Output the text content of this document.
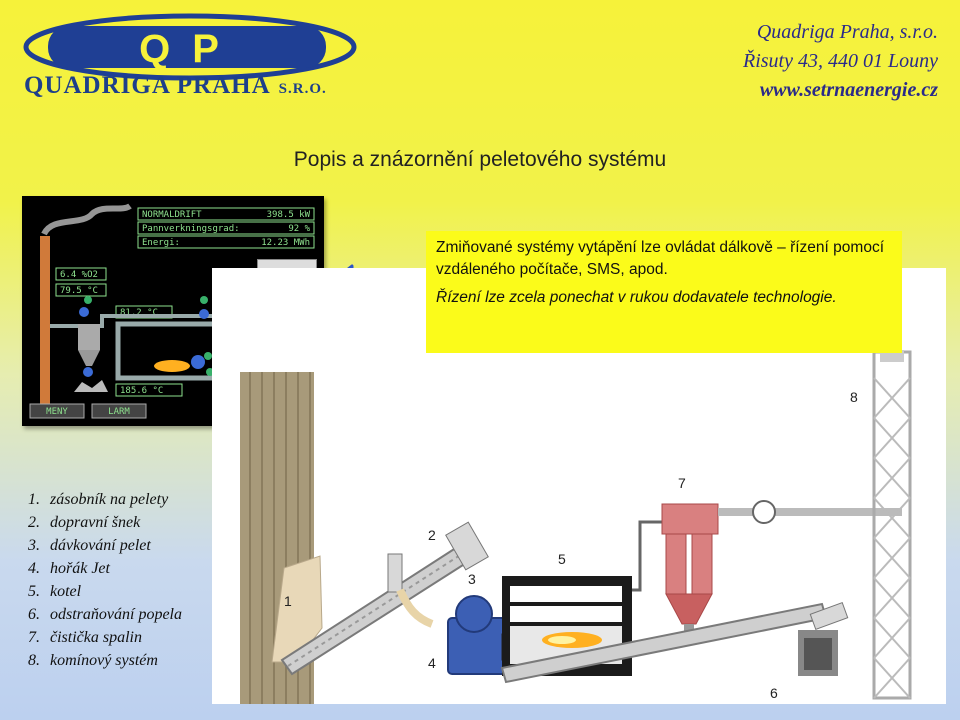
QP
QUADRIGA PRAHA S.R.O.
Quadriga Praha, s.r.o.
Řisuty 43, 440 01 Louny
www.setrnaenergie.cz
Popis a znázornění peletového systému
NORMALDRIFT	398.5 kW
Pannverkningsgrad:	92 %
Energi:	12.23 MWh
6.4 %O2
79.5 °C
81.2 °C
185.6 °C
MENY	LARM
1
2
3
4
5
6
7
8

Zmiňované systémy vytápění lze ovládat dálkově – řízení pomocí vzdáleného počítače, SMS, apod.

Řízení lze zcela ponechat v rukou dodavatele technologie.

1. zásobník na pelety
2. dopravní šnek
3. dávkování pelet
4. hořák Jet
5. kotel
6. odstraňování popela
7. čistička spalin
8. komínový systém
